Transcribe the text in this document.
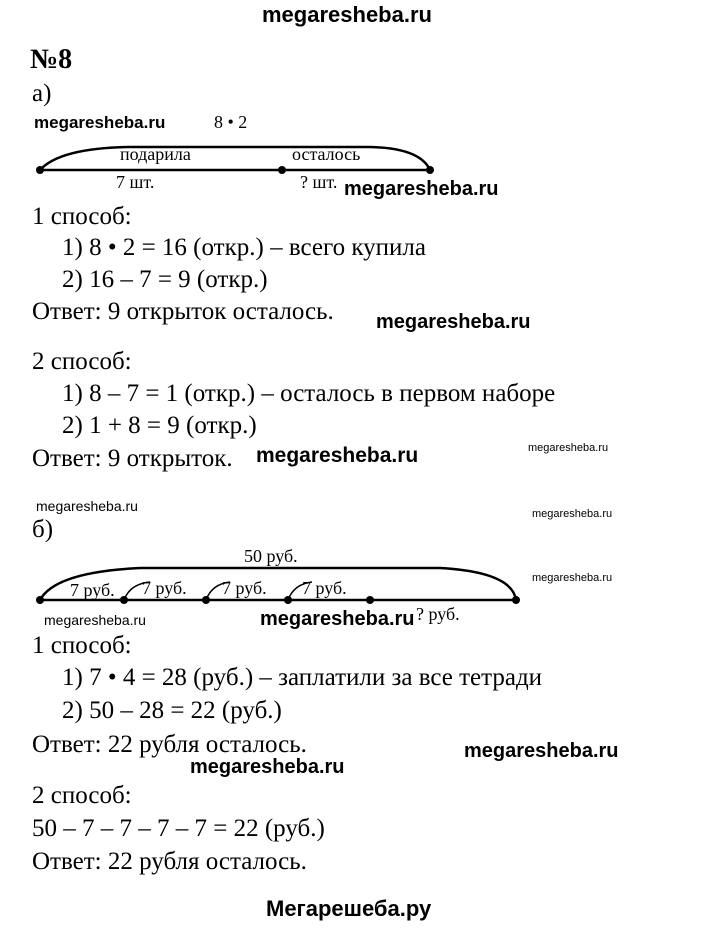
megaresheba.ru
№8
а)
megaresheba.ru	8 • 2
подарила	осталось
7 шт.	? шт. megaresheba.ru
1 способ:
1) 8 • 2 = 16 (откр.) – всего купила
2) 16 – 7 = 9 (откр.)
Ответ: 9 открыток осталось. megaresheba.ru
2 способ:
1) 8 – 7 = 1 (откр.) – осталось в первом наборе
2) 1 + 8 = 9 (откр.)
Ответ: 9 открыток. megaresheba.ru	megaresheba.ru
megaresheba.ru
megaresheba.ru
б)
50 руб.
7 руб. 7 руб. 7 руб. 7 руб.
? руб.
megaresheba.ru
megaresheba.ru	megaresheba.ru
1 способ:
1) 7 • 4 = 28 (руб.) – заплатили за все тетради
2) 50 – 28 = 22 (руб.)
Ответ: 22 рубля осталось.	megaresheba.ru
megaresheba.ru
2 способ:
50 – 7 – 7 – 7 – 7 = 22 (руб.)
Ответ: 22 рубля осталось.
Мегарешеба.ру
